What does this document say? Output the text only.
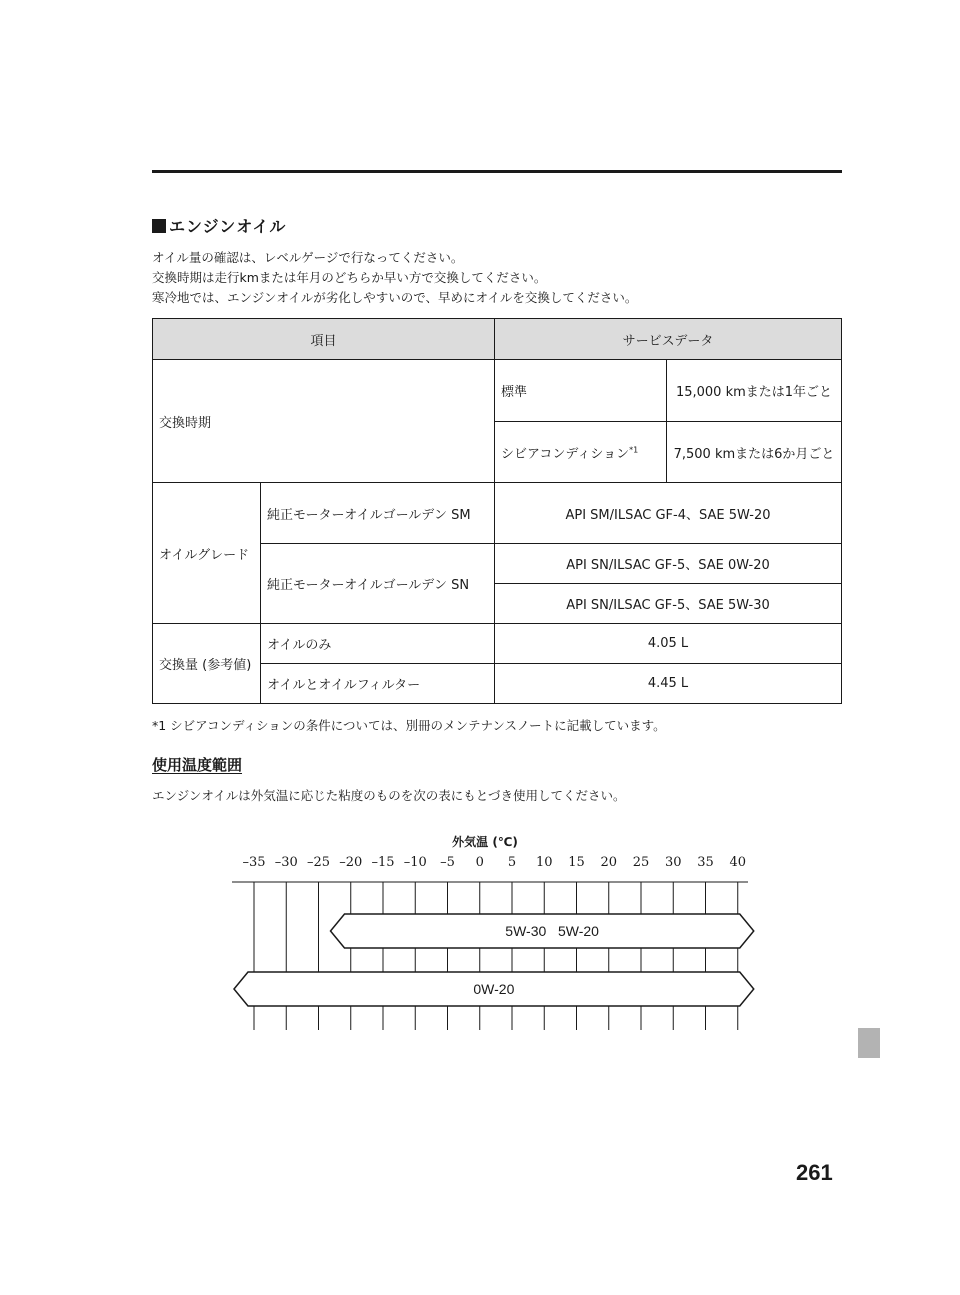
エンジンオイル
オイル量の確認は、レベルゲージで行なってください。
交換時期は走行kmまたは年月のどちらか早い方で交換してください。
寒冷地では、エンジンオイルが劣化しやすいので、早めにオイルを交換してください。
項目		サービスデータ	
交換時期		標準	15,000 kmまたは1年ごと
		シビアコンディション$^{*1}$	7,500 kmまたは6か月ごと
オイルグレード	純正モーターオイルゴールデン SM	API SM/ILSAC GF-4、SAE 5W-20	
	純正モーターオイルゴールデン SN	API SN/ILSAC GF-5、SAE 0W-20	
		API SN/ILSAC GF-5、SAE 5W-30	
交換量 (参考値)	オイルのみ	4.05 L	
	オイルとオイルフィルター	4.45 L	
*1 シビアコンディションの条件については、別冊のメンテナンスノートに記載しています。
使用温度範囲
エンジンオイルは外気温に応じた粘度のものを次の表にもとづき使用してください。
外気温 (℃)
–35 –30 –25 –20 –15 –10 –5 0 5 10 15 20 25 30 35 40
5W-30   5W-20
0W-20
261
